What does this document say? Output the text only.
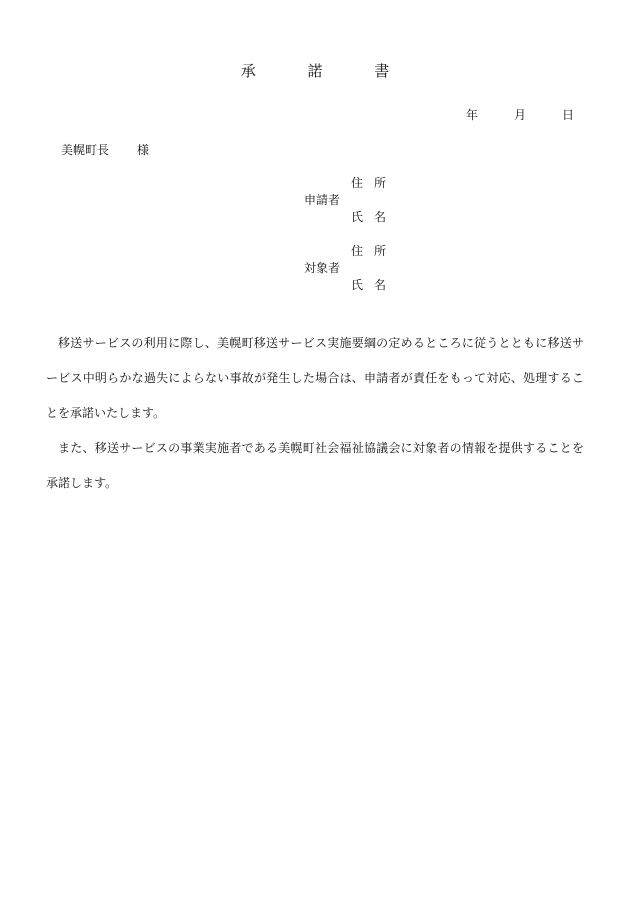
承	諾	書
年	月	日
美幌町長 様
住 所
申請者
氏 名
住 所
対象者
氏 名

移送サービスの利用に際し、美幌町移送サービス実施要綱の定めるところに従うとともに移送サービス中明らかな過失によらない事故が発生した場合は、申請者が責任をもって対応、処理することを承諾いたします。

また、移送サービスの事業実施者である美幌町社会福祉協議会に対象者の情報を提供することを承諾します。
